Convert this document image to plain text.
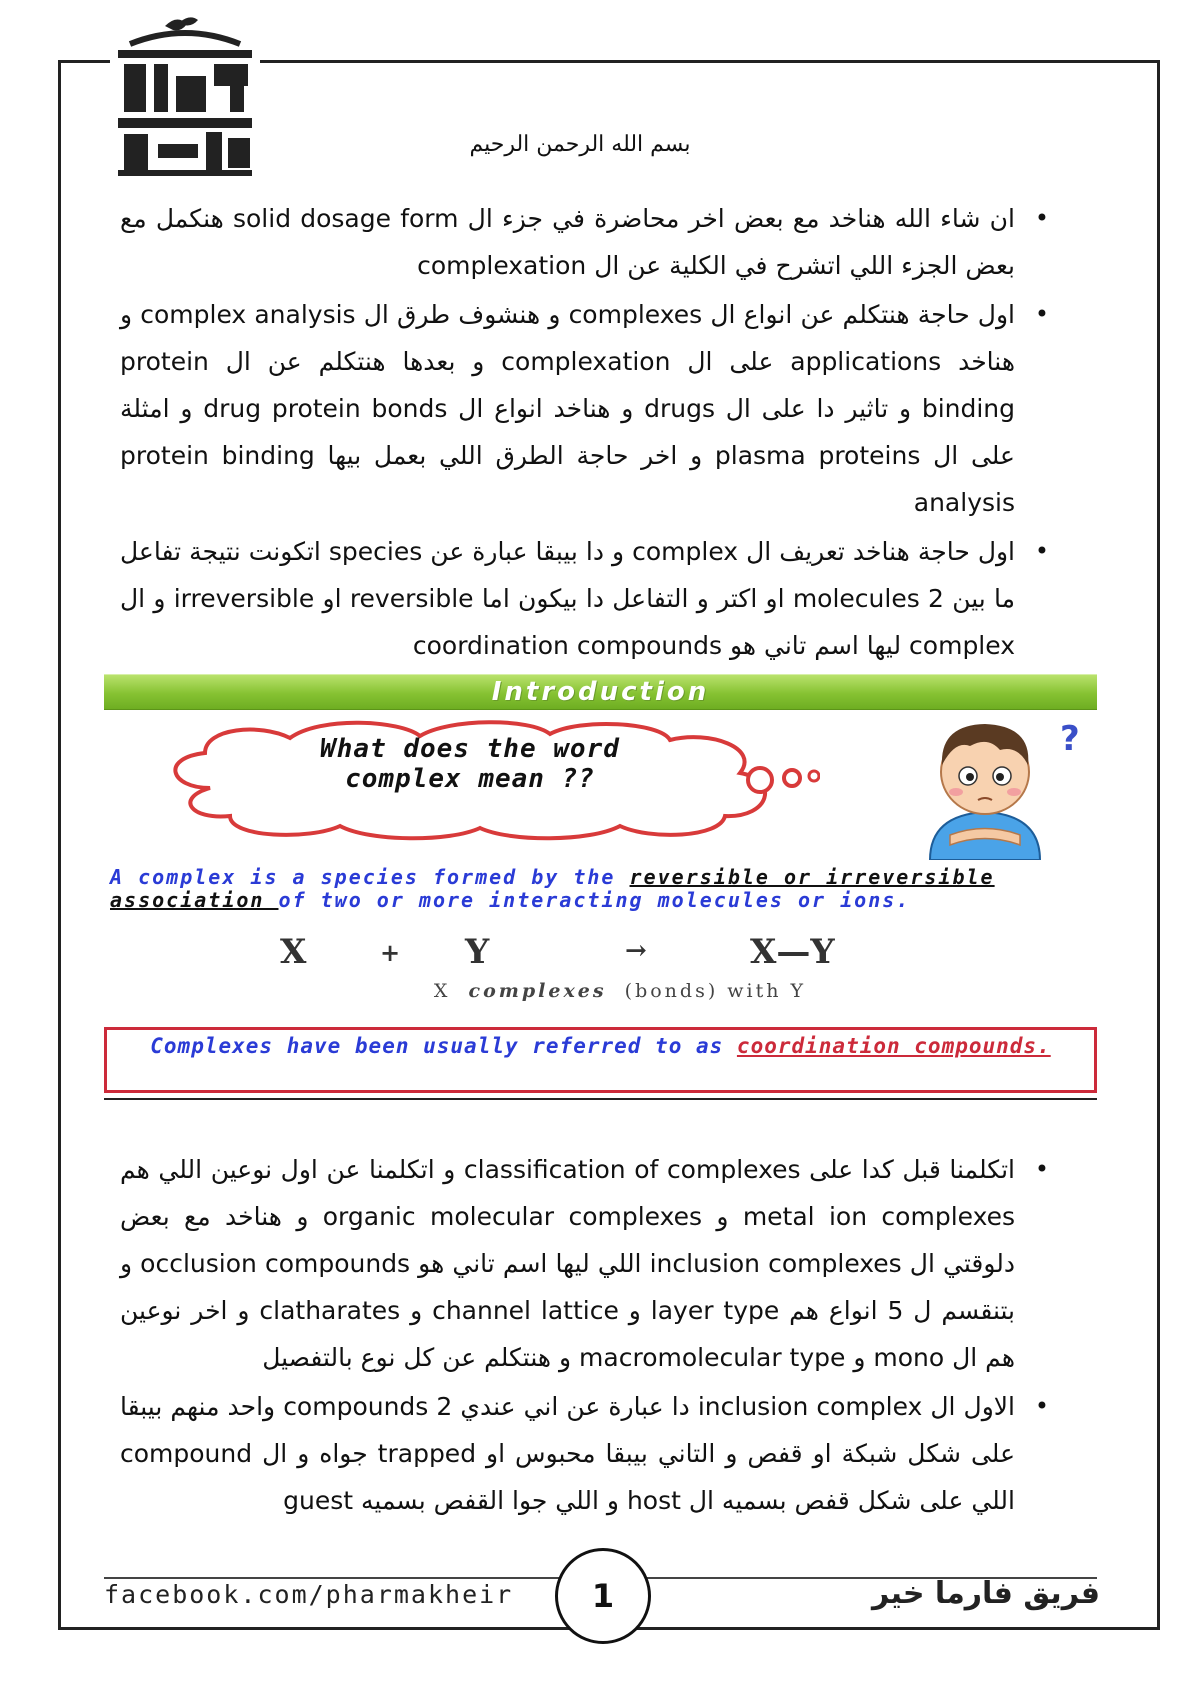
بسم الله الرحمن الرحيم
• ان شاء الله هناخد مع بعض اخر محاضرة في جزء ال solid dosage form هنكمل مع بعض الجزء اللي اتشرح في الكلية عن ال complexation
• اول حاجة هنتكلم عن انواع ال complexes و هنشوف طرق ال complex analysis و هناخد applications على ال complexation و بعدها هنتكلم عن ال protein binding و تاثير دا على ال drugs و هناخد انواع ال drug protein bonds و امثلة على ال plasma proteins و اخر حاجة الطرق اللي بعمل بيها protein binding analysis
• اول حاجة هناخد تعريف ال complex و دا بيبقا عبارة عن species اتكونت نتيجة تفاعل ما بين 2 molecules او اكتر و التفاعل دا بيكون اما reversible او irreversible و ال complex ليها اسم تاني هو coordination compounds
Introduction
What does the word
complex mean ??
?
A complex is a species formed by the reversible or irreversible association of two or more interacting molecules or ions.
X	+ Y	→	X—Y
X complexes (bonds) with Y
Complexes have been usually referred to as coordination compounds.
• اتكلمنا قبل كدا على classification of complexes و اتكلمنا عن اول نوعين اللي هم metal ion complexes و organic molecular complexes و هناخد مع بعض دلوقتي ال inclusion complexes اللي ليها اسم تاني هو occlusion compounds و بتنقسم ل 5 انواع هم layer type و channel lattice و clatharates و اخر نوعين هم ال mono و macromolecular type و هنتكلم عن كل نوع بالتفصيل
• الاول ال inclusion complex دا عبارة عن اني عندي 2 compounds واحد منهم بيبقا على شكل شبكة او قفص و التاني بيبقا محبوس او trapped جواه و ال compound اللي على شكل قفص بسميه ال host و اللي جوا القفص بسميه guest
facebook.com/pharmakheir	1	فريق فارما خير
